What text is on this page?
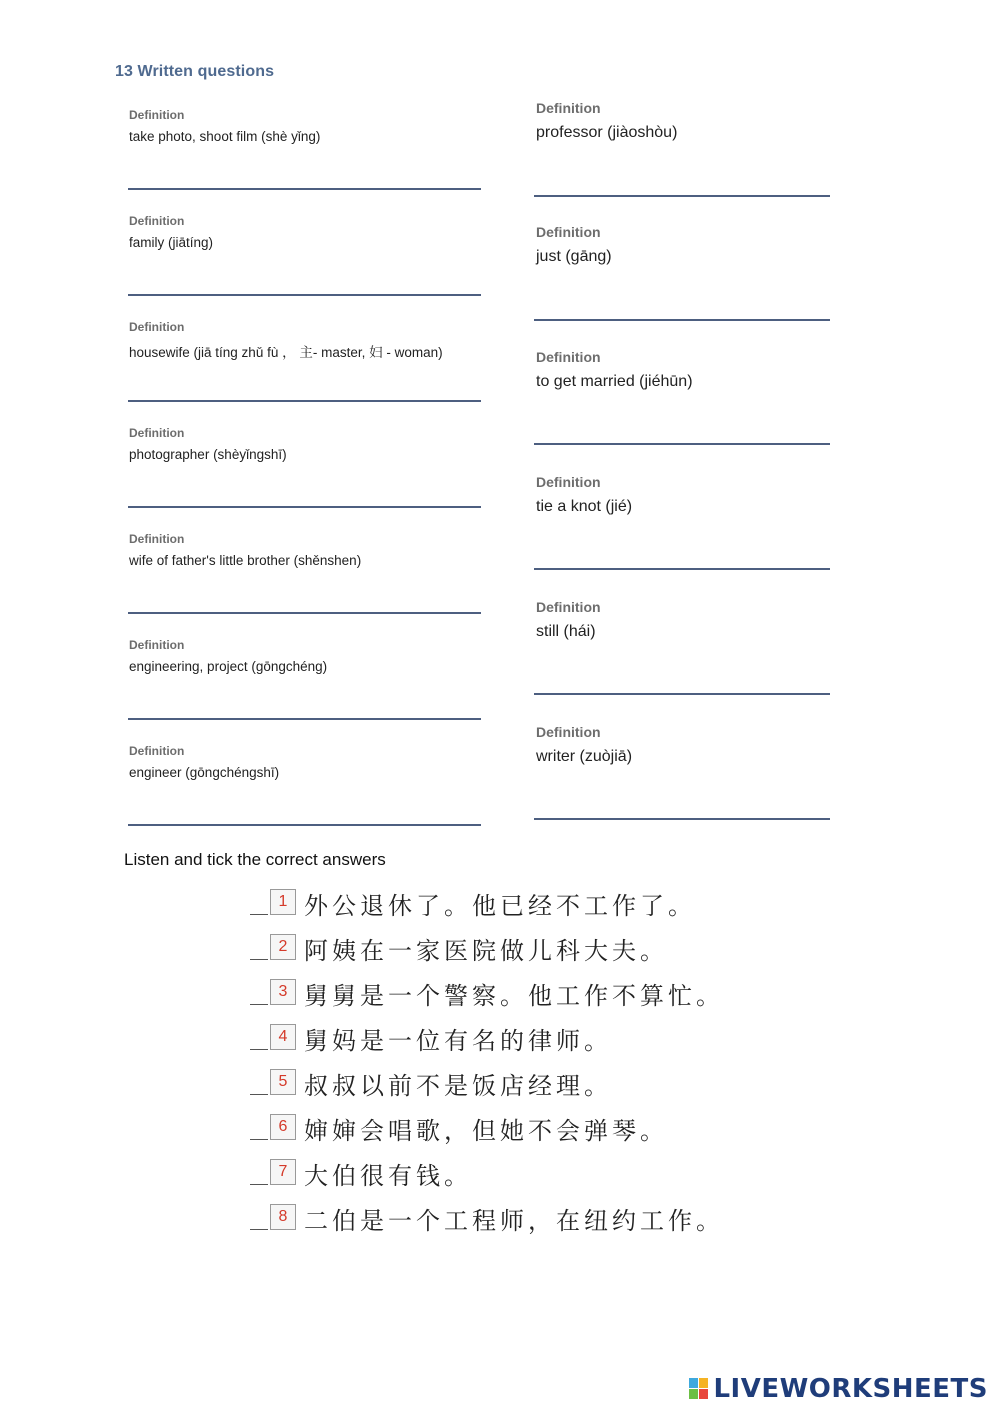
13 Written questions
Definition
take photo, shoot film (shè yǐng)
Definition
family (jiātíng)
Definition
housewife (jiā tíng zhǔ fù ， 主- master, 妇 - woman)
Definition
photographer (shèyǐngshī)
Definition
wife of father's little brother (shěnshen)
Definition
engineering, project (gōngchéng)
Definition
engineer (gōngchéngshī)
Definition
professor (jiàoshòu)
Definition
just (gāng)
Definition
to get married (jiéhūn)
Definition
tie a knot (jié)
Definition
still (hái)
Definition
writer (zuòjiā)
Listen and tick the correct answers
1 外公退休了。他已经不工作了。
2 阿姨在一家医院做儿科大夫。
3 舅舅是一个警察。他工作不算忙。
4 舅妈是一位有名的律师。
5 叔叔以前不是饭店经理。
6 婶婶会唱歌，但她不会弹琴。
7 大伯很有钱。
8 二伯是一个工程师，在纽约工作。
LIVEWORKSHEETS
